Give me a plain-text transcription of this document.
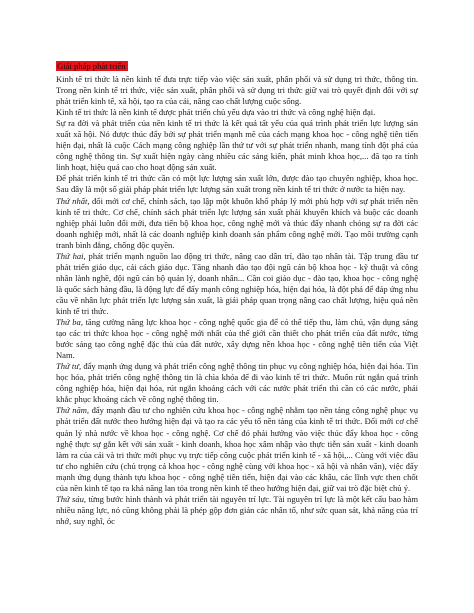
Giải pháp phát triển

Kinh tế tri thức là nền kinh tế đưa trực tiếp vào việc sản xuất, phân phối và sử dụng tri thức, thông tin. Trong nền kinh tế tri thức, việc sản xuất, phân phối và sử dụng tri thức giữ vai trò quyết định đối với sự phát triển kinh tế, xã hội, tạo ra của cải, nâng cao chất lượng cuộc sống.

Kinh tế tri thức là nền kinh tế được phát triển chủ yếu dựa vào tri thức và công nghệ hiện đại.

Sự ra đời và phát triển của nền kinh tế tri thức là kết quả tất yếu của quá trình phát triển lực lượng sản xuất xã hội. Nó được thúc đẩy bởi sự phát triển mạnh mẽ của cách mạng khoa học - công nghệ tiên tiến hiện đại, nhất là cuộc Cách mạng công nghiệp lần thứ tư với sự phát triển nhanh, mang tính đột phá của công nghệ thông tin. Sự xuất hiện ngày càng nhiều các sáng kiến, phát minh khoa học,... đã tạo ra tính linh hoạt, hiệu quả cao cho hoạt động sản xuất.

Để phát triển kinh tế tri thức cần có một lực lượng sản xuất lớn, được đào tạo chuyên nghiệp, khoa học. Sau đây là một số giải pháp phát triển lực lượng sản xuất trong nền kinh tế tri thức ở nước ta hiện nay.

Thứ nhất, đổi mới cơ chế, chính sách, tạo lập một khuôn khổ pháp lý mới phù hợp với sự phát triển nền kinh tế tri thức. Cơ chế, chính sách phát triển lực lượng sản xuất phải khuyến khích và buộc các doanh nghiệp phải luôn đổi mới, đưa tiến bộ khoa học, công nghệ mới và thúc đẩy nhanh chóng sự ra đời các doanh nghiệp mới, nhất là các doanh nghiệp kinh doanh sản phẩm công nghệ mới. Tạo môi trường cạnh tranh bình đẳng, chống độc quyền.

Thứ hai, phát triển mạnh nguồn lao động tri thức, nâng cao dân trí, đào tạo nhân tài. Tập trung đầu tư phát triển giáo dục, cải cách giáo dục. Tăng nhanh đào tạo đội ngũ cán bộ khoa học - kỹ thuật và công nhân lành nghề, đội ngũ cán bộ quản lý, doanh nhân... Cần coi giáo dục - đào tạo, khoa học - công nghệ là quốc sách hàng đầu, là động lực để đẩy mạnh công nghiệp hóa, hiện đại hóa, là đột phá để đáp ứng nhu cầu về nhân lực phát triển lực lượng sản xuất, là giải pháp quan trọng nâng cao chất lượng, hiệu quả nền kinh tế tri thức.

Thứ ba, tăng cường năng lực khoa học - công nghệ quốc gia để có thể tiếp thu, làm chủ, vận dụng sáng tạo các tri thức khoa học - công nghệ mới nhất của thế giới cần thiết cho phát triển của đất nước, từng bước sáng tạo công nghệ đặc thù của đất nước, xây dựng nền khoa học - công nghệ tiên tiến của Việt Nam.

Thứ tư, đẩy mạnh ứng dụng và phát triển công nghệ thông tin phục vụ công nghiệp hóa, hiện đại hóa. Tin học hóa, phát triển công nghệ thông tin là chìa khóa để đi vào kinh tế tri thức. Muốn rút ngắn quá trình công nghiệp hóa, hiện đại hóa, rút ngắn khoảng cách với các nước phát triển thì cần có các nước, phải khắc phục khoảng cách về công nghệ thông tin.

Thứ năm, đẩy mạnh đầu tư cho nghiên cứu khoa học - công nghệ nhằm tạo nền tảng công nghệ phục vụ phát triển đất nước theo hướng hiện đại và tạo ra các yếu tố nền tảng của kinh tế tri thức. Đổi mới cơ chế quản lý nhà nước về khoa học - công nghệ. Cơ chế đó phải hướng vào việc thúc đẩy khoa học - công nghệ thực sự gắn kết với sản xuất - kinh doanh, khoa học xâm nhập vào thực tiễn sản xuất - kinh doanh làm ra của cải và tri thức mới phục vụ trực tiếp công cuộc phát triển kinh tế - xã hội,... Cùng với việc đầu tư cho nghiên cứu (chủ trọng cả khoa học - công nghệ cùng với khoa học - xã hội và nhân văn), việc đẩy mạnh ứng dụng thành tựu khoa học - công nghệ tiên tiến, hiện đại vào các khâu, các lĩnh vực then chốt của nền kinh tế tạo ra khả năng lan tỏa trong nền kinh tế theo hướng hiện đại, giữ vai trò đặc biệt chủ ý.

Thứ sáu, từng bước hình thành và phát triển tài nguyên trí lực. Tài nguyên trí lực là một kết cấu bao hàm nhiều năng lực, nó cũng không phải là phép gộp đơn giản các nhân tố, như sức quan sát, khả năng của trí nhớ, suy nghĩ, óc
